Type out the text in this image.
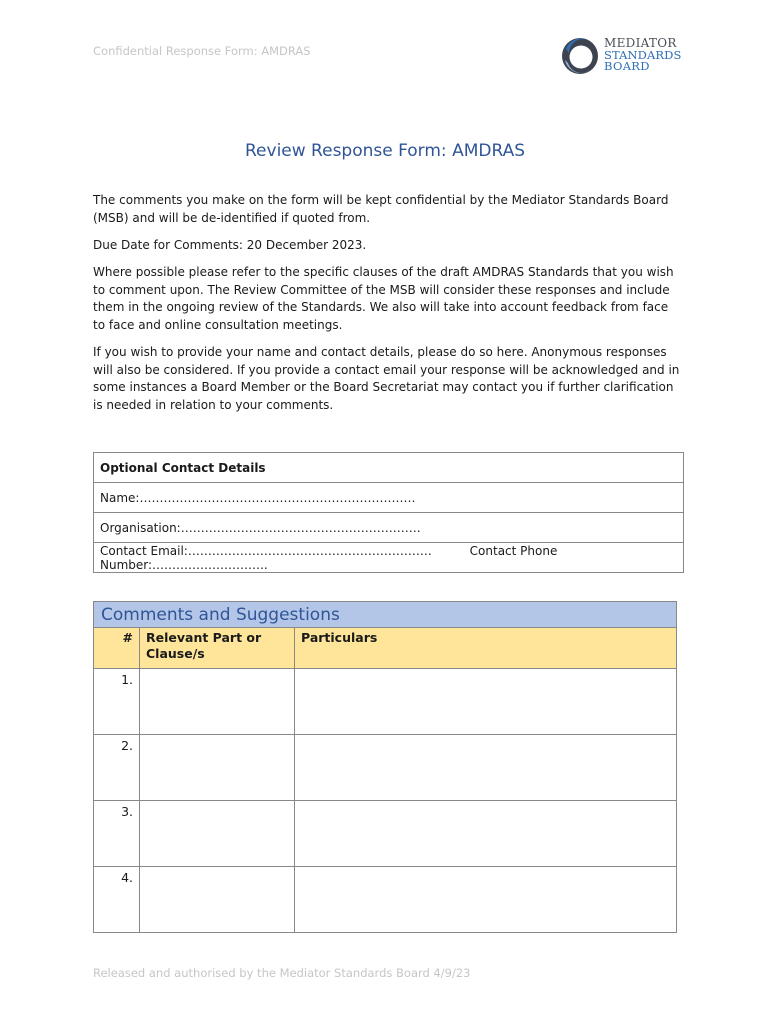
Confidential Response Form: AMDRAS
MEDIATOR
STANDARDS
BOARD
Review Response Form: AMDRAS

The comments you make on the form will be kept confidential by the Mediator Standards Board (MSB) and will be de-identified if quoted from.

Due Date for Comments: 20 December 2023.

Where possible please refer to the specific clauses of the draft AMDRAS Standards that you wish to comment upon. The Review Committee of the MSB will consider these responses and include them in the ongoing review of the Standards. We also will take into account feedback from face to face and online consultation meetings.

If you wish to provide your name and contact details, please do so here. Anonymous responses will also be considered. If you provide a contact email your response will be acknowledged and in some instances a Board Member or the Board Secretariat may contact you if further clarification is needed in relation to your comments.

Optional Contact Details
Name:……………………………………………………………
Organisation:……………………………………………………
Contact Email:…………………………………………………….	Contact Phone Number:………………………..
Comments and Suggestions		
#	Relevant Part or Clause/s	Particulars
1.		
2.		
3.		
4.		
Released and authorised by the Mediator Standards Board 4/9/23
